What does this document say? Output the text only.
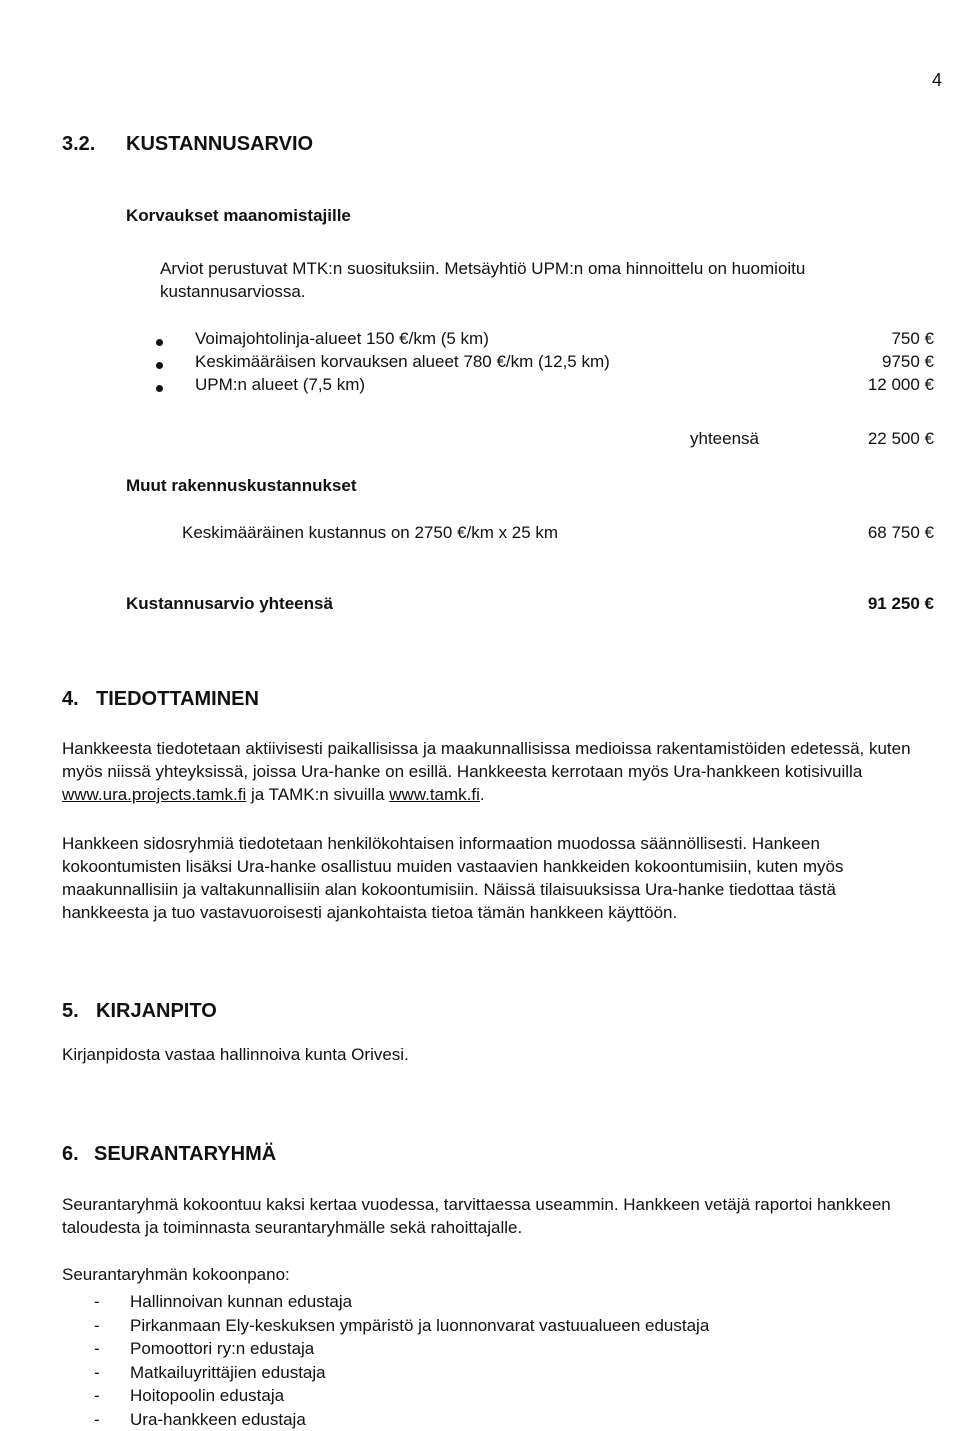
4
3.2. KUSTANNUSARVIO
Korvaukset maanomistajille
Arviot perustuvat MTK:n suosituksiin. Metsäyhtiö UPM:n oma hinnoittelu on huomioitu kustannusarviossa.
Voimajohtolinja-alueet 150 €/km (5 km)	750 €
Keskimääräisen korvauksen alueet 780 €/km (12,5 km)	9750 €
UPM:n alueet (7,5 km)	12 000 €
yhteensä	22 500 €
Muut rakennuskustannukset
Keskimääräinen kustannus on 2750 €/km x 25 km	68 750 €
Kustannusarvio yhteensä	91 250 €
4. TIEDOTTAMINEN
Hankkeesta tiedotetaan aktiivisesti paikallisissa ja maakunnallisissa medioissa rakentamistöiden edetessä, kuten myös niissä yhteyksissä, joissa Ura-hanke on esillä. Hankkeesta kerrotaan myös Ura-hankkeen kotisivuilla www.ura.projects.tamk.fi ja TAMK:n sivuilla www.tamk.fi.
Hankkeen sidosryhmiä tiedotetaan henkilökohtaisen informaation muodossa säännöllisesti. Hankeen kokoontumisten lisäksi Ura-hanke osallistuu muiden vastaavien hankkeiden kokoontumisiin, kuten myös maakunnallisiin ja valtakunnallisiin alan kokoontumisiin. Näissä tilaisuuksissa Ura-hanke tiedottaa tästä hankkeesta ja tuo vastavuoroisesti ajankohtaista tietoa tämän hankkeen käyttöön.
5. KIRJANPITO
Kirjanpidosta vastaa hallinnoiva kunta Orivesi.
6. SEURANTARYHMÄ
Seurantaryhmä kokoontuu kaksi kertaa vuodessa, tarvittaessa useammin. Hankkeen vetäjä raportoi hankkeen taloudesta ja toiminnasta seurantaryhmälle sekä rahoittajalle.
Seurantaryhmän kokoonpano:
- Hallinnoivan kunnan edustaja
- Pirkanmaan Ely-keskuksen ympäristö ja luonnonvarat vastuualueen edustaja
- Pomoottori ry:n edustaja
- Matkailuyrittäjien edustaja
- Hoitopoolin edustaja
- Ura-hankkeen edustaja
